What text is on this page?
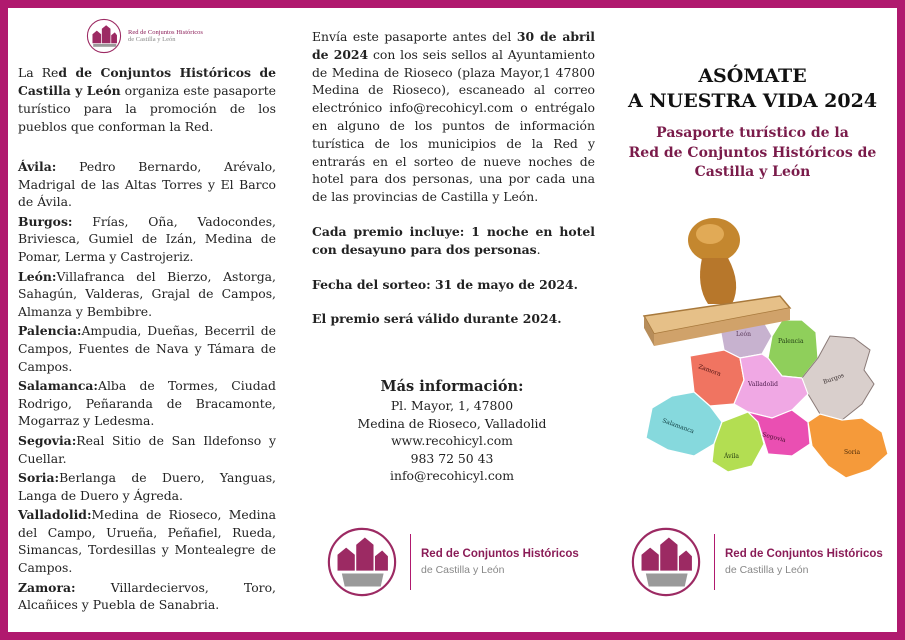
Red de Conjuntos Históricos
de Castilla y León
La Red de Conjuntos Históricos de Castilla y León organiza este pasaporte turístico para la promoción de los pueblos que conforman la Red.

Ávila: Pedro Bernardo, Arévalo, Madrigal de las Altas Torres y El Barco de Ávila.

Burgos: Frías, Oña, Vadocondes, Briviesca, Gumiel de Izán, Medina de Pomar, Lerma y Castrojeriz.

León:Villafranca del Bierzo, Astorga, Sahagún, Valderas, Grajal de Campos, Almanza y Bembibre.

Palencia:Ampudia, Dueñas, Becerril de Campos, Fuentes de Nava y Támara de Campos.

Salamanca:Alba de Tormes, Ciudad Rodrigo, Peñaranda de Bracamonte, Mogarraz y Ledesma.

Segovia:Real Sitio de San Ildefonso y Cuellar.

Soria:Berlanga de Duero, Yanguas, Langa de Duero y Ágreda.

Valladolid:Medina de Rioseco, Medina del Campo, Urueña, Peñafiel, Rueda, Simancas, Tordesillas y Montealegre de Campos.

Zamora: Villardeciervos, Toro, Alcañices y Puebla de Sanabria.

Envía este pasaporte antes del 30 de abril de 2024 con los seis sellos al Ayuntamiento de Medina de Rioseco (plaza Mayor,1 47800 Medina de Rioseco), escaneado al correo electrónico info@recohicyl.com o entrégalo en alguno de los puntos de información turística de los municipios de la Red y entrarás en el sorteo de nueve noches de hotel para dos personas, una por cada una de las provincias de Castilla y León.

Cada premio incluye: 1 noche en hotel con desayuno para dos personas.

Fecha del sorteo: 31 de mayo de 2024.

El premio será válido durante 2024.

Más información:
Pl. Mayor, 1, 47800
Medina de Rioseco, Valladolid
www.recohicyl.com
983 72 50 43
info@recohicyl.com
Red de Conjuntos Históricos
de Castilla y León
ASÓMATE
A NUESTRA VIDA 2024
Pasaporte turístico de la
Red de Conjuntos Históricos de
Castilla y León
León
Palencia
Burgos
Zamora
Valladolid
Salamanca
Ávila
Segovia
Soria
Red de Conjuntos Históricos
de Castilla y León
